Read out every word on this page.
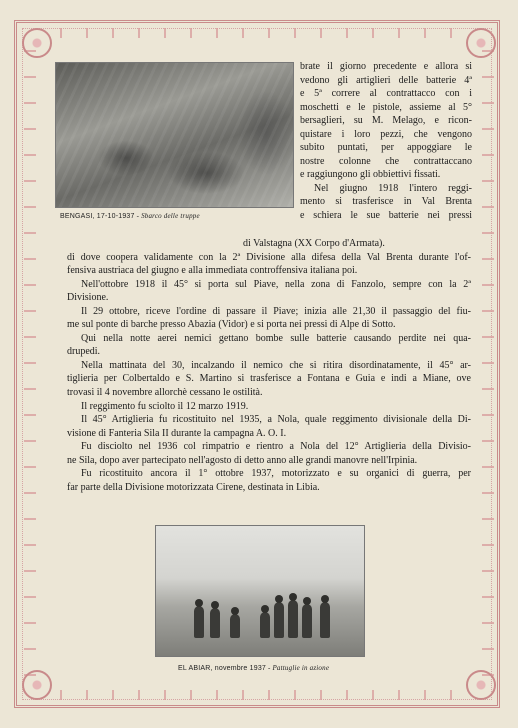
BENGASI, 17-10-1937 - Sbarco delle truppe
brate il giorno precedente e allora si
vedono gli artiglieri delle batterie 4ª
e 5ª correre al contrattacco con i
moschetti e le pistole, assieme al 5°
bersaglieri, su M. Melago, e ricon-
quistare i loro pezzi, che vengono
subito puntati, per appoggiare le
nostre colonne che contrattaccano
e raggiungono gli obbiettivi fissati.
Nel giugno 1918 l'intero reggi-
mento si trasferisce in Val Brenta
e schiera le sue batterie nei pressi
di Valstagna (XX Corpo d'Armata).
di dove coopera validamente con la 2ª Divisione alla difesa della Val Brenta durante l'of-
fensiva austriaca del giugno e alla immediata controffensiva italiana poi.
Nell'ottobre 1918 il 45° si porta sul Piave, nella zona di Fanzolo, sempre con la 2ª
Divisione.
Il 29 ottobre, riceve l'ordine di passare il Piave; inizia alle 21,30 il passaggio del fiu-
me sul ponte di barche presso Abazia (Vidor) e si porta nei pressi di Alpe di Sotto.
Qui nella notte aerei nemici gettano bombe sulle batterie causando perdite nei qua-
drupedi.
Nella mattinata del 30, incalzando il nemico che si ritira disordinatamente, il 45° ar-
tiglieria per Colbertaldo e S. Martino si trasferisce a Fontana e Guia e indi a Miane, ove
trovasi il 4 novembre allorchè cessano le ostilità.
Il reggimento fu sciolto il 12 marzo 1919.
Il 45° Artiglieria fu ricostituito nel 1935, a Nola, quale reggimento divisionale della Di-
visione di Fanteria Sila II durante la campagna A. O. I.
Fu disciolto nel 1936 col rimpatrio e rientro a Nola del 12° Artiglieria della Divisio-
ne Sila, dopo aver partecipato nell'agosto di detto anno alle grandi manovre nell'Irpinia.
Fu ricostituito ancora il 1° ottobre 1937, motorizzato e su organici di guerra, per
far parte della Divisione motorizzata Cirene, destinata in Libia.
EL ABIAR, novembre 1937 - Pattuglie in azione
